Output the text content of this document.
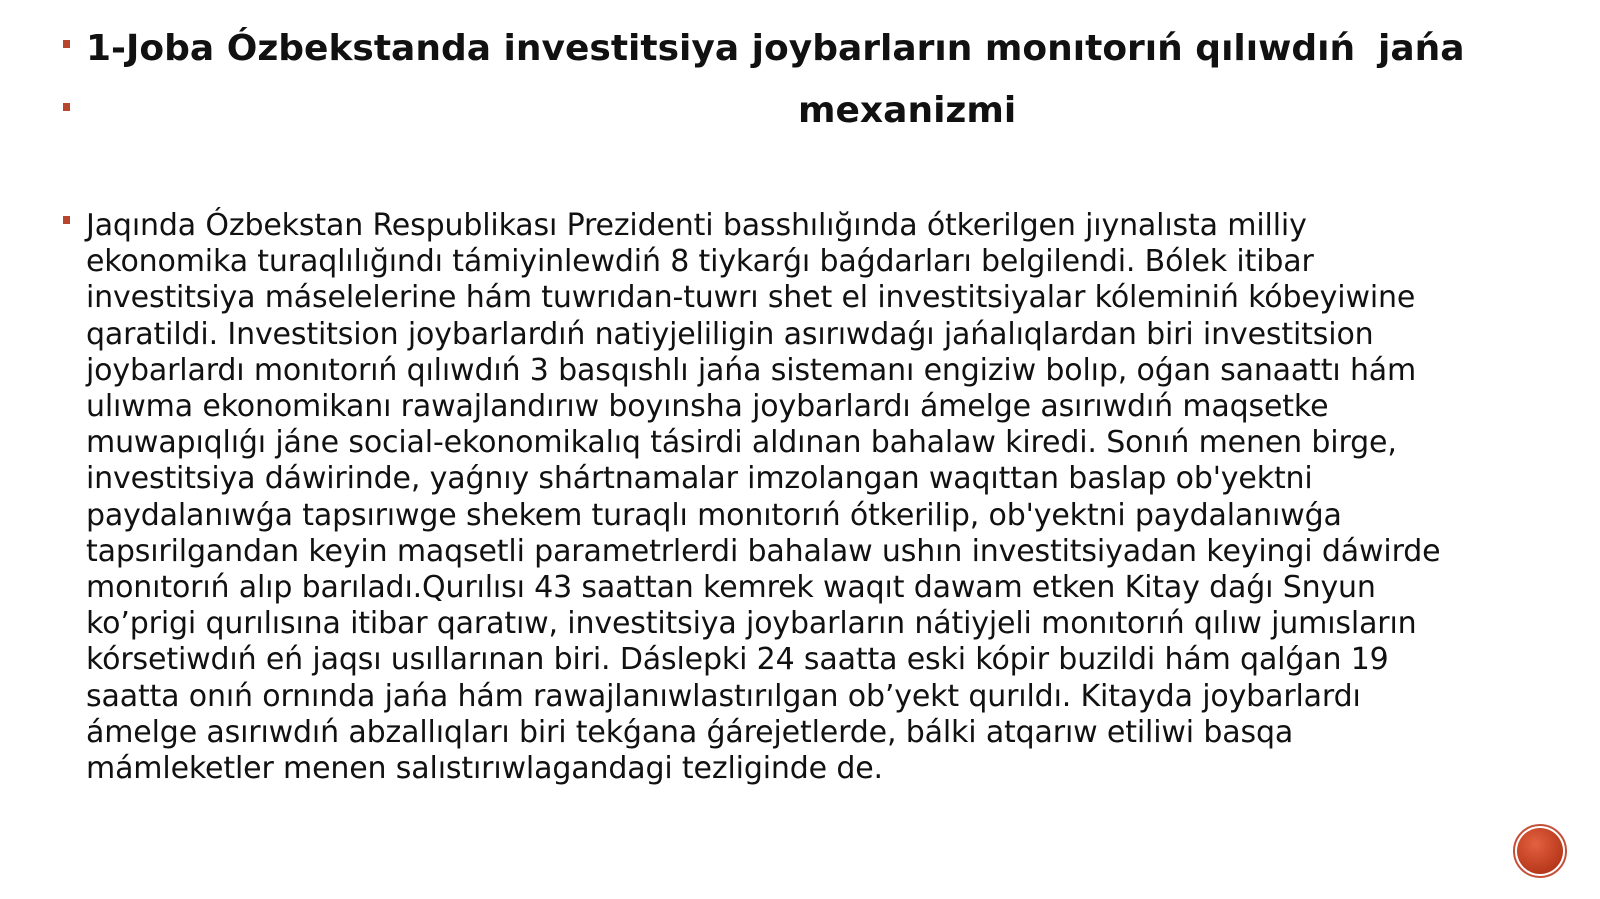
1-Joba Ózbekstanda investitsiya joybarların monıtorıń qılıwdıń jańa
mexanizmi
Jaqında Ózbekstan Respublikası Prezidenti basshılığında ótkerilgen jıynalısta milliy
ekonomika turaqlılığındı támiyinlewdiń 8 tiykarǵı baǵdarları belgilendi. Bólek itibar
investitsiya máselelerine hám tuwrıdan-tuwrı shet el investitsiyalar kóleminiń kóbeyiwine
qaratildi. Investitsion joybarlardıń natiyjeliligin asırıwdaǵı jańalıqlardan biri investitsion
joybarlardı monıtorıń qılıwdıń 3 basqıshlı jańa sistemanı engiziw bolıp, oǵan sanaattı hám
ulıwma ekonomikanı rawajlandırıw boyınsha joybarlardı ámelge asırıwdıń maqsetke
muwapıqlıǵı jáne social-ekonomikalıq tásirdi aldınan bahalaw kiredi. Sonıń menen birge,
investitsiya dáwirinde, yaǵnıy shártnamalar imzolangan waqıttan baslap ob'yektni
paydalanıwǵa tapsırıwge shekem turaqlı monıtorıń ótkerilip, ob'yektni paydalanıwǵa
tapsırilgandan keyin maqsetli parametrlerdi bahalaw ushın investitsiyadan keyingi dáwirde
monıtorıń alıp barıladı.Qurılısı 43 saattan kemrek waqıt dawam etken Kitay daǵı Snyun
ko’prigi qurılısına itibar qaratıw, investitsiya joybarların nátiyjeli monıtorıń qılıw jumısların
kórsetiwdıń eń jaqsı usıllarınan biri. Dáslepki 24 saatta eski kópir buzildi hám qalǵan 19
saatta onıń ornında jańa hám rawajlanıwlastırılgan ob’yekt qurıldı. Kitayda joybarlardı
ámelge asırıwdıń abzallıqları biri tekǵana ǵárejetlerde, bálki atqarıw etiliwi basqa
mámleketler menen salıstırıwlagandagi tezliginde de.
